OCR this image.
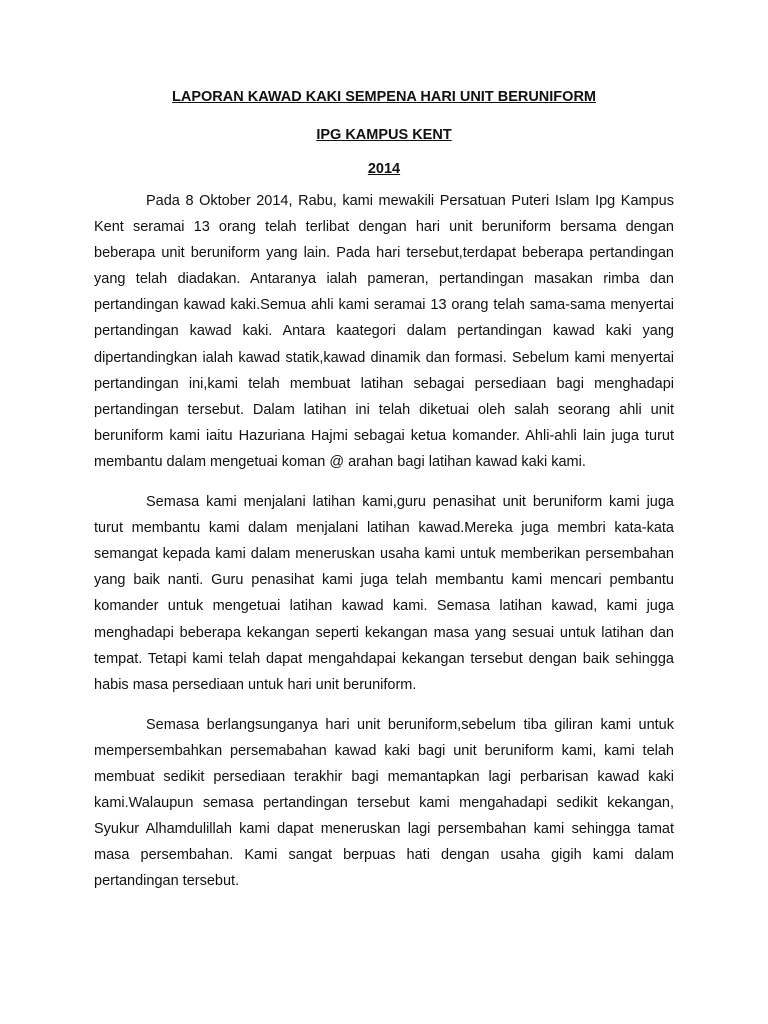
LAPORAN KAWAD KAKI SEMPENA HARI UNIT BERUNIFORM

IPG KAMPUS KENT

2014

Pada 8 Oktober 2014, Rabu, kami mewakili Persatuan Puteri Islam Ipg Kampus Kent seramai 13 orang telah terlibat dengan hari unit beruniform bersama dengan beberapa unit beruniform yang lain. Pada hari tersebut,terdapat beberapa pertandingan yang telah diadakan. Antaranya ialah pameran, pertandingan masakan rimba dan pertandingan kawad kaki.Semua ahli kami seramai 13 orang telah sama-sama menyertai pertandingan kawad kaki. Antara kaategori dalam pertandingan kawad kaki yang dipertandingkan ialah kawad statik,kawad dinamik dan formasi. Sebelum kami menyertai pertandingan ini,kami telah membuat latihan sebagai persediaan bagi menghadapi pertandingan tersebut. Dalam latihan ini telah diketuai oleh salah seorang ahli unit beruniform kami iaitu Hazuriana Hajmi sebagai ketua komander. Ahli-ahli lain juga turut membantu dalam mengetuai koman @ arahan bagi latihan kawad kaki kami.

Semasa kami menjalani latihan kami,guru penasihat unit beruniform kami juga turut membantu kami dalam menjalani latihan kawad.Mereka juga membri kata-kata semangat kepada kami dalam meneruskan usaha kami untuk memberikan persembahan yang baik nanti. Guru penasihat kami juga telah membantu kami mencari pembantu komander untuk mengetuai latihan kawad kami. Semasa latihan kawad, kami juga menghadapi beberapa kekangan seperti kekangan masa yang sesuai untuk latihan dan tempat. Tetapi kami telah dapat mengahdapai kekangan tersebut dengan baik sehingga habis masa persediaan untuk hari unit beruniform.

Semasa berlangsunganya hari unit beruniform,sebelum tiba giliran kami untuk mempersembahkan persemabahan kawad kaki bagi unit beruniform kami, kami telah membuat sedikit persediaan terakhir bagi memantapkan lagi perbarisan kawad kaki kami.Walaupun semasa pertandingan tersebut kami mengahadapi sedikit kekangan, Syukur Alhamdulillah kami dapat meneruskan lagi persembahan kami sehingga tamat masa persembahan. Kami sangat berpuas hati dengan usaha gigih kami dalam pertandingan tersebut.
